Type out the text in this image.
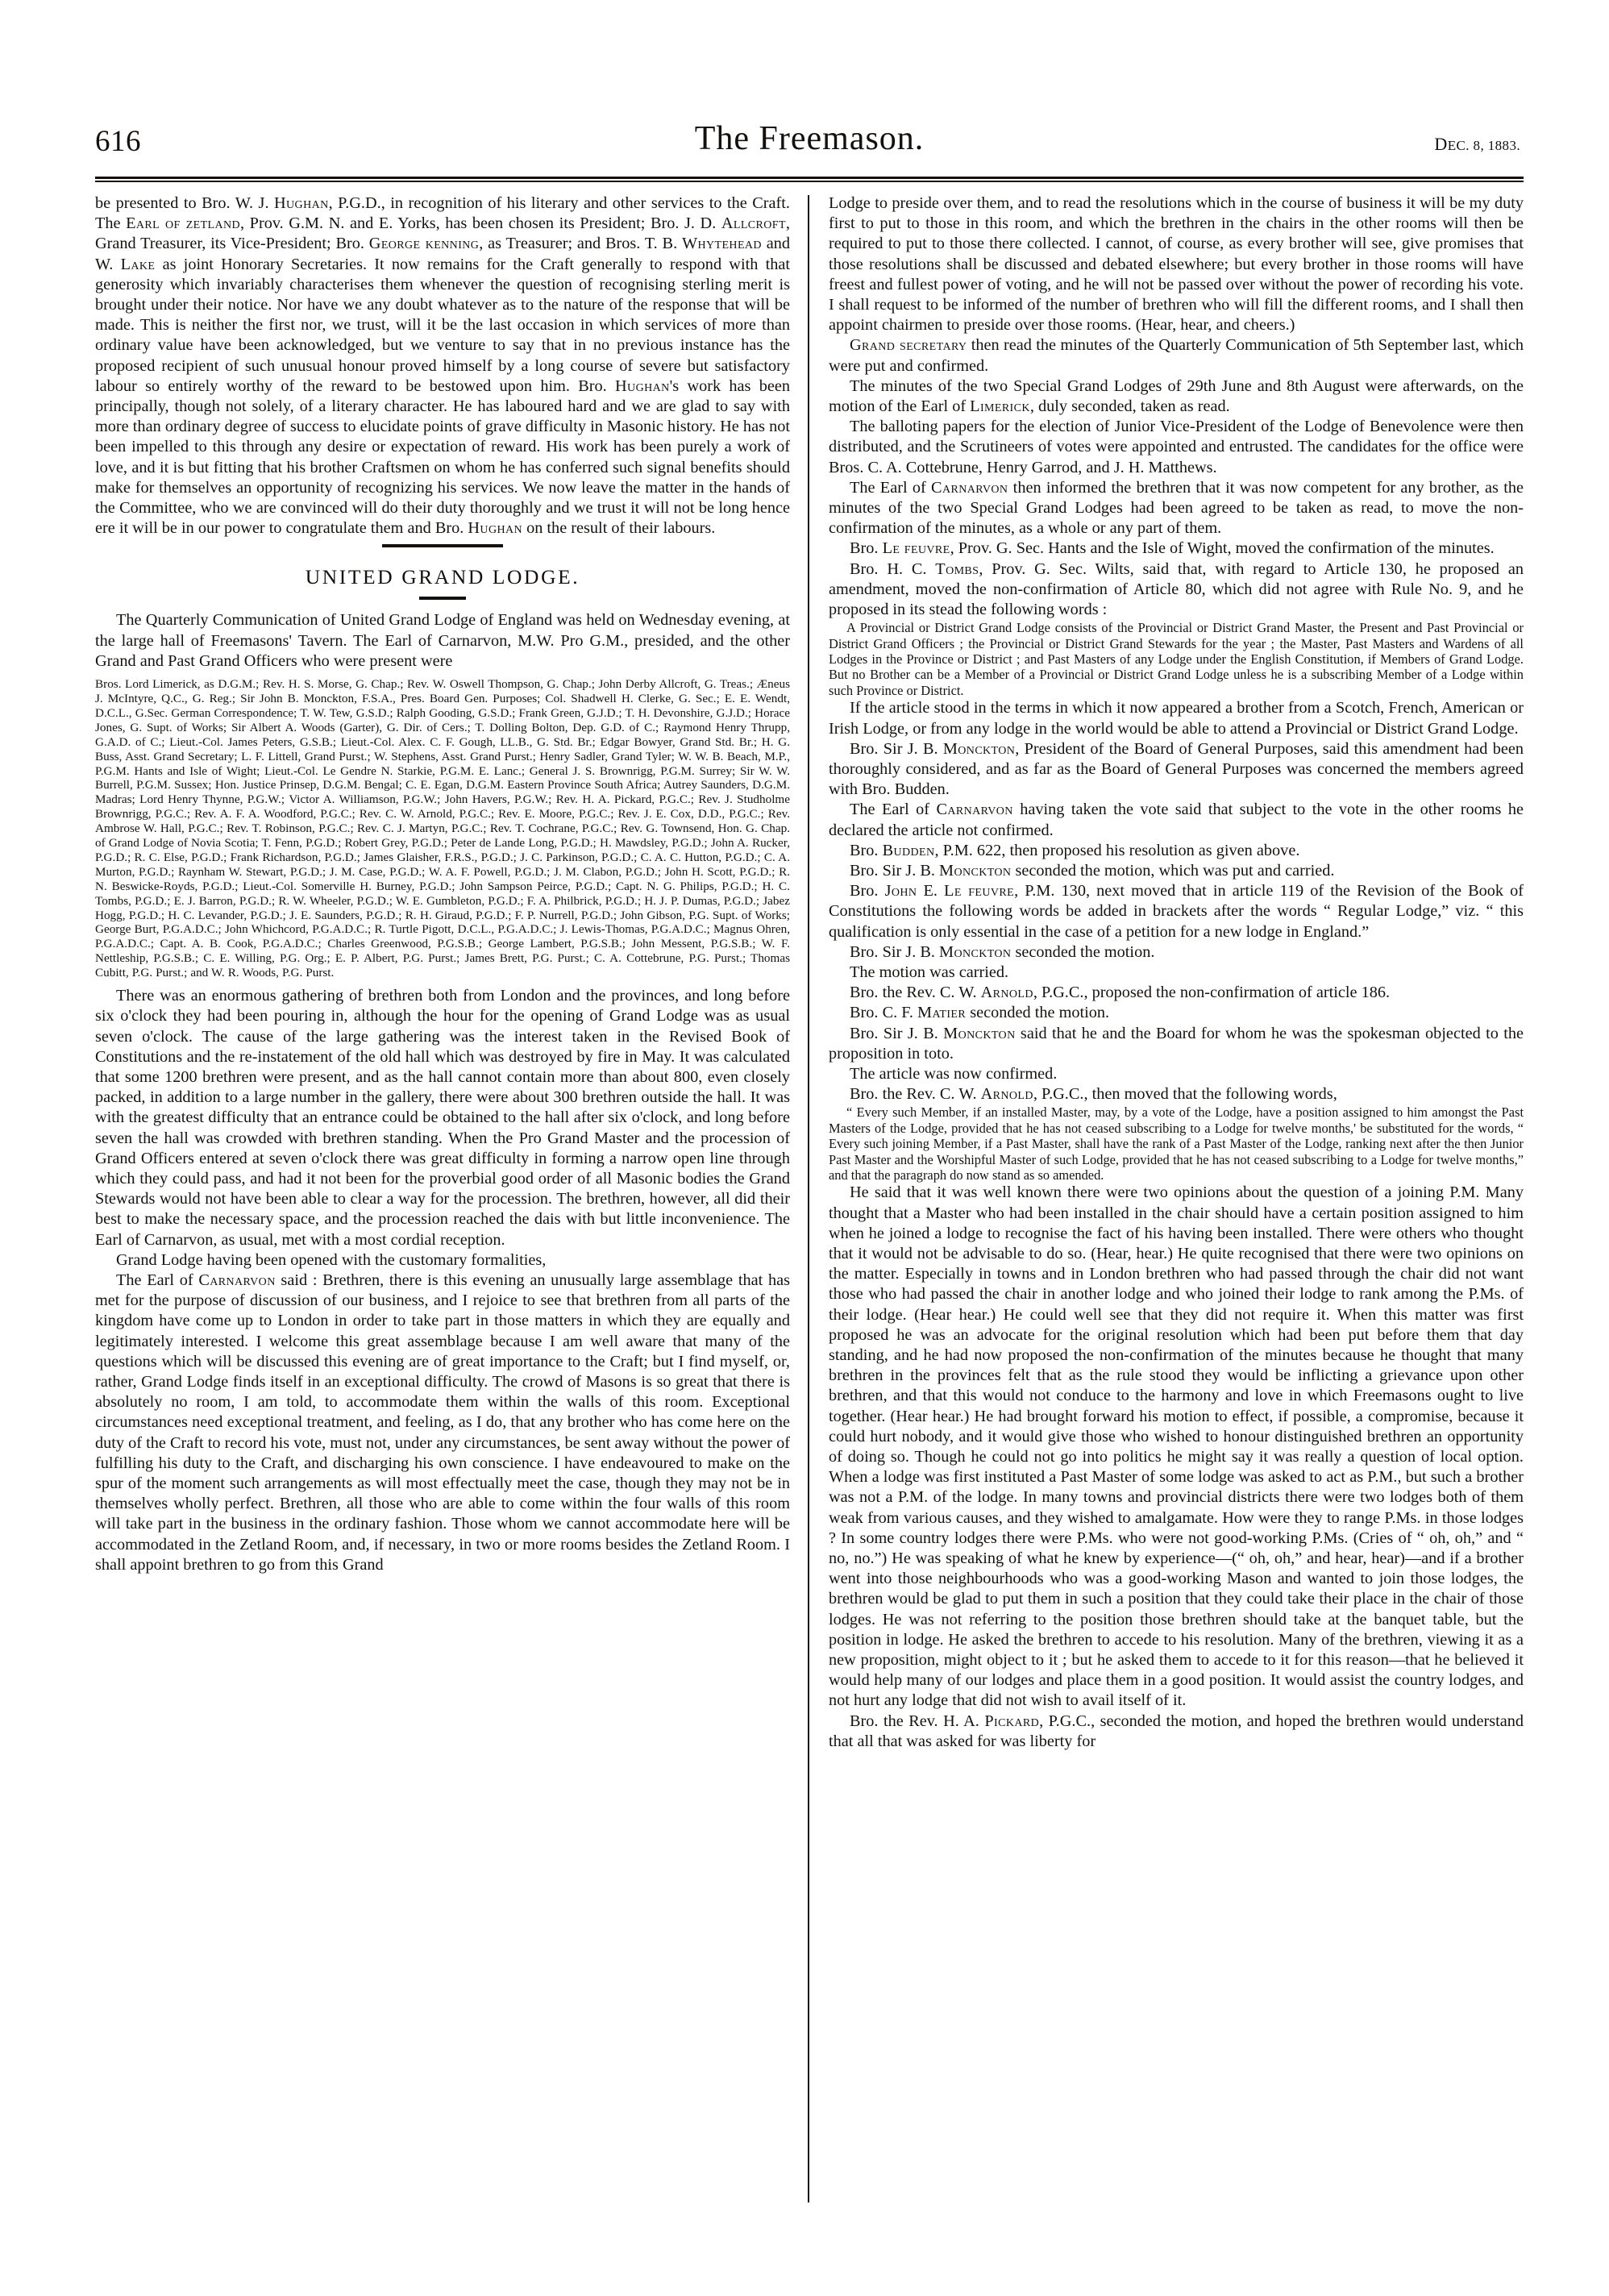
616	The Freemason.	DEC. 8, 1883.

be presented to Bro. W. J. Hughan, P.G.D., in recognition of his literary and other services to the Craft. The Earl of zetland, Prov. G.M. N. and E. Yorks, has been chosen its President; Bro. J. D. Allcroft, Grand Treasurer, its Vice-President; Bro. George kenning, as Treasurer; and Bros. T. B. Whytehead and W. Lake as joint Honorary Secretaries. It now remains for the Craft generally to respond with that generosity which invariably characterises them whenever the question of recognising sterling merit is brought under their notice. Nor have we any doubt whatever as to the nature of the response that will be made. This is neither the first nor, we trust, will it be the last occasion in which services of more than ordinary value have been acknowledged, but we venture to say that in no previous instance has the proposed recipient of such unusual honour proved himself by a long course of severe but satisfactory labour so entirely worthy of the reward to be bestowed upon him. Bro. Hughan's work has been principally, though not solely, of a literary character. He has laboured hard and we are glad to say with more than ordinary degree of success to elucidate points of grave difficulty in Masonic history. He has not been impelled to this through any desire or expectation of reward. His work has been purely a work of love, and it is but fitting that his brother Craftsmen on whom he has conferred such signal benefits should make for themselves an opportunity of recognizing his services. We now leave the matter in the hands of the Committee, who we are convinced will do their duty thoroughly and we trust it will not be long hence ere it will be in our power to congratulate them and Bro. Hughan on the result of their labours.

UNITED GRAND LODGE.

The Quarterly Communication of United Grand Lodge of England was held on Wednesday evening, at the large hall of Freemasons' Tavern. The Earl of Carnarvon, M.W. Pro G.M., presided, and the other Grand and Past Grand Officers who were present were

Bros. Lord Limerick, as D.G.M.; Rev. H. S. Morse, G. Chap.; Rev. W. Oswell Thompson, G. Chap.; John Derby Allcroft, G. Treas.; Æneus J. McIntyre, Q.C., G. Reg.; Sir John B. Monckton, F.S.A., Pres. Board Gen. Purposes; Col. Shadwell H. Clerke, G. Sec.; E. E. Wendt, D.C.L., G.Sec. German Correspondence; T. W. Tew, G.S.D.; Ralph Gooding, G.S.D.; Frank Green, G.J.D.; T. H. Devonshire, G.J.D.; Horace Jones, G. Supt. of Works; Sir Albert A. Woods (Garter), G. Dir. of Cers.; T. Dolling Bolton, Dep. G.D. of C.; Raymond Henry Thrupp, G.A.D. of C.; Lieut.-Col. James Peters, G.S.B.; Lieut.-Col. Alex. C. F. Gough, LL.B., G. Std. Br.; Edgar Bowyer, Grand Std. Br.; H. G. Buss, Asst. Grand Secretary; L. F. Littell, Grand Purst.; W. Stephens, Asst. Grand Purst.; Henry Sadler, Grand Tyler; W. W. B. Beach, M.P., P.G.M. Hants and Isle of Wight; Lieut.-Col. Le Gendre N. Starkie, P.G.M. E. Lanc.; General J. S. Brownrigg, P.G.M. Surrey; Sir W. W. Burrell, P.G.M. Sussex; Hon. Justice Prinsep, D.G.M. Bengal; C. E. Egan, D.G.M. Eastern Province South Africa; Autrey Saunders, D.G.M. Madras; Lord Henry Thynne, P.G.W.; Victor A. Williamson, P.G.W.; John Havers, P.G.W.; Rev. H. A. Pickard, P.G.C.; Rev. J. Studholme Brownrigg, P.G.C.; Rev. A. F. A. Woodford, P.G.C.; Rev. C. W. Arnold, P.G.C.; Rev. E. Moore, P.G.C.; Rev. J. E. Cox, D.D., P.G.C.; Rev. Ambrose W. Hall, P.G.C.; Rev. T. Robinson, P.G.C.; Rev. C. J. Martyn, P.G.C.; Rev. T. Cochrane, P.G.C.; Rev. G. Townsend, Hon. G. Chap. of Grand Lodge of Novia Scotia; T. Fenn, P.G.D.; Robert Grey, P.G.D.; Peter de Lande Long, P.G.D.; H. Mawdsley, P.G.D.; John A. Rucker, P.G.D.; R. C. Else, P.G.D.; Frank Richardson, P.G.D.; James Glaisher, F.R.S., P.G.D.; J. C. Parkinson, P.G.D.; C. A. C. Hutton, P.G.D.; C. A. Murton, P.G.D.; Raynham W. Stewart, P.G.D.; J. M. Case, P.G.D.; W. A. F. Powell, P.G.D.; J. M. Clabon, P.G.D.; John H. Scott, P.G.D.; R. N. Beswicke-Royds, P.G.D.; Lieut.-Col. Somerville H. Burney, P.G.D.; John Sampson Peirce, P.G.D.; Capt. N. G. Philips, P.G.D.; H. C. Tombs, P.G.D.; E. J. Barron, P.G.D.; R. W. Wheeler, P.G.D.; W. E. Gumbleton, P.G.D.; F. A. Philbrick, P.G.D.; H. J. P. Dumas, P.G.D.; Jabez Hogg, P.G.D.; H. C. Levander, P.G.D.; J. E. Saunders, P.G.D.; R. H. Giraud, P.G.D.; F. P. Nurrell, P.G.D.; John Gibson, P.G. Supt. of Works; George Burt, P.G.A.D.C.; John Whichcord, P.G.A.D.C.; R. Turtle Pigott, D.C.L., P.G.A.D.C.; J. Lewis-Thomas, P.G.A.D.C.; Magnus Ohren, P.G.A.D.C.; Capt. A. B. Cook, P.G.A.D.C.; Charles Greenwood, P.G.S.B.; George Lambert, P.G.S.B.; John Messent, P.G.S.B.; W. F. Nettleship, P.G.S.B.; C. E. Willing, P.G. Org.; E. P. Albert, P.G. Purst.; James Brett, P.G. Purst.; C. A. Cottebrune, P.G. Purst.; Thomas Cubitt, P.G. Purst.; and W. R. Woods, P.G. Purst.

There was an enormous gathering of brethren both from London and the provinces, and long before six o'clock they had been pouring in, although the hour for the opening of Grand Lodge was as usual seven o'clock. The cause of the large gathering was the interest taken in the Revised Book of Constitutions and the re-instatement of the old hall which was destroyed by fire in May. It was calculated that some 1200 brethren were present, and as the hall cannot contain more than about 800, even closely packed, in addition to a large number in the gallery, there were about 300 brethren outside the hall. It was with the greatest difficulty that an entrance could be obtained to the hall after six o'clock, and long before seven the hall was crowded with brethren standing. When the Pro Grand Master and the procession of Grand Officers entered at seven o'clock there was great difficulty in forming a narrow open line through which they could pass, and had it not been for the proverbial good order of all Masonic bodies the Grand Stewards would not have been able to clear a way for the procession. The brethren, however, all did their best to make the necessary space, and the procession reached the dais with but little inconvenience. The Earl of Carnarvon, as usual, met with a most cordial reception.

Grand Lodge having been opened with the customary formalities,

The Earl of Carnarvon said : Brethren, there is this evening an unusually large assemblage that has met for the purpose of discussion of our business, and I rejoice to see that brethren from all parts of the kingdom have come up to London in order to take part in those matters in which they are equally and legitimately interested. I welcome this great assemblage because I am well aware that many of the questions which will be discussed this evening are of great importance to the Craft; but I find myself, or, rather, Grand Lodge finds itself in an exceptional difficulty. The crowd of Masons is so great that there is absolutely no room, I am told, to accommodate them within the walls of this room. Exceptional circumstances need exceptional treatment, and feeling, as I do, that any brother who has come here on the duty of the Craft to record his vote, must not, under any circumstances, be sent away without the power of fulfilling his duty to the Craft, and discharging his own conscience. I have endeavoured to make on the spur of the moment such arrangements as will most effectually meet the case, though they may not be in themselves wholly perfect. Brethren, all those who are able to come within the four walls of this room will take part in the business in the ordinary fashion. Those whom we cannot accommodate here will be accommodated in the Zetland Room, and, if necessary, in two or more rooms besides the Zetland Room. I shall appoint brethren to go from this Grand

Lodge to preside over them, and to read the resolutions which in the course of business it will be my duty first to put to those in this room, and which the brethren in the chairs in the other rooms will then be required to put to those there collected. I cannot, of course, as every brother will see, give promises that those resolutions shall be discussed and debated elsewhere; but every brother in those rooms will have freest and fullest power of voting, and he will not be passed over without the power of recording his vote. I shall request to be informed of the number of brethren who will fill the different rooms, and I shall then appoint chairmen to preside over those rooms. (Hear, hear, and cheers.)

Grand secretary then read the minutes of the Quarterly Communication of 5th September last, which were put and confirmed.

The minutes of the two Special Grand Lodges of 29th June and 8th August were afterwards, on the motion of the Earl of Limerick, duly seconded, taken as read.

The balloting papers for the election of Junior Vice-President of the Lodge of Benevolence were then distributed, and the Scrutineers of votes were appointed and entrusted. The candidates for the office were Bros. C. A. Cottebrune, Henry Garrod, and J. H. Matthews.

The Earl of Carnarvon then informed the brethren that it was now competent for any brother, as the minutes of the two Special Grand Lodges had been agreed to be taken as read, to move the non-confirmation of the minutes, as a whole or any part of them.

Bro. Le feuvre, Prov. G. Sec. Hants and the Isle of Wight, moved the confirmation of the minutes.

Bro. H. C. Tombs, Prov. G. Sec. Wilts, said that, with regard to Article 130, he proposed an amendment, moved the non-confirmation of Article 80, which did not agree with Rule No. 9, and he proposed in its stead the following words :

A Provincial or District Grand Lodge consists of the Provincial or District Grand Master, the Present and Past Provincial or District Grand Officers ; the Provincial or District Grand Stewards for the year ; the Master, Past Masters and Wardens of all Lodges in the Province or District ; and Past Masters of any Lodge under the English Constitution, if Members of Grand Lodge. But no Brother can be a Member of a Provincial or District Grand Lodge unless he is a subscribing Member of a Lodge within such Province or District.

If the article stood in the terms in which it now appeared a brother from a Scotch, French, American or Irish Lodge, or from any lodge in the world would be able to attend a Provincial or District Grand Lodge.

Bro. Sir J. B. Monckton, President of the Board of General Purposes, said this amendment had been thoroughly considered, and as far as the Board of General Purposes was concerned the members agreed with Bro. Budden.

The Earl of Carnarvon having taken the vote said that subject to the vote in the other rooms he declared the article not confirmed.

Bro. Budden, P.M. 622, then proposed his resolution as given above.

Bro. Sir J. B. Monckton seconded the motion, which was put and carried.

Bro. John E. Le feuvre, P.M. 130, next moved that in article 119 of the Revision of the Book of Constitutions the following words be added in brackets after the words “ Regular Lodge,” viz. “ this qualification is only essential in the case of a petition for a new lodge in England.”

Bro. Sir J. B. Monckton seconded the motion.

The motion was carried.

Bro. the Rev. C. W. Arnold, P.G.C., proposed the non-confirmation of article 186.

Bro. C. F. Matier seconded the motion.

Bro. Sir J. B. Monckton said that he and the Board for whom he was the spokesman objected to the proposition in toto.

The article was now confirmed.

Bro. the Rev. C. W. Arnold, P.G.C., then moved that the following words,

“ Every such Member, if an installed Master, may, by a vote of the Lodge, have a position assigned to him amongst the Past Masters of the Lodge, provided that he has not ceased subscribing to a Lodge for twelve months,' be substituted for the words, “ Every such joining Member, if a Past Master, shall have the rank of a Past Master of the Lodge, ranking next after the then Junior Past Master and the Worshipful Master of such Lodge, provided that he has not ceased subscribing to a Lodge for twelve months,” and that the paragraph do now stand as so amended.

He said that it was well known there were two opinions about the question of a joining P.M. Many thought that a Master who had been installed in the chair should have a certain position assigned to him when he joined a lodge to recognise the fact of his having been installed. There were others who thought that it would not be advisable to do so. (Hear, hear.) He quite recognised that there were two opinions on the matter. Especially in towns and in London brethren who had passed through the chair did not want those who had passed the chair in another lodge and who joined their lodge to rank among the P.Ms. of their lodge. (Hear hear.) He could well see that they did not require it. When this matter was first proposed he was an advocate for the original resolution which had been put before them that day standing, and he had now proposed the non-confirmation of the minutes because he thought that many brethren in the provinces felt that as the rule stood they would be inflicting a grievance upon other brethren, and that this would not conduce to the harmony and love in which Freemasons ought to live together. (Hear hear.) He had brought forward his motion to effect, if possible, a compromise, because it could hurt nobody, and it would give those who wished to honour distinguished brethren an opportunity of doing so. Though he could not go into politics he might say it was really a question of local option. When a lodge was first instituted a Past Master of some lodge was asked to act as P.M., but such a brother was not a P.M. of the lodge. In many towns and provincial districts there were two lodges both of them weak from various causes, and they wished to amalgamate. How were they to range P.Ms. in those lodges ? In some country lodges there were P.Ms. who were not good-working P.Ms. (Cries of “ oh, oh,” and “ no, no.”) He was speaking of what he knew by experience—(“ oh, oh,” and hear, hear)—and if a brother went into those neighbourhoods who was a good-working Mason and wanted to join those lodges, the brethren would be glad to put them in such a position that they could take their place in the chair of those lodges. He was not referring to the position those brethren should take at the banquet table, but the position in lodge. He asked the brethren to accede to his resolution. Many of the brethren, viewing it as a new proposition, might object to it ; but he asked them to accede to it for this reason—that he believed it would help many of our lodges and place them in a good position. It would assist the country lodges, and not hurt any lodge that did not wish to avail itself of it.

Bro. the Rev. H. A. Pickard, P.G.C., seconded the motion, and hoped the brethren would understand that all that was asked for was liberty for
